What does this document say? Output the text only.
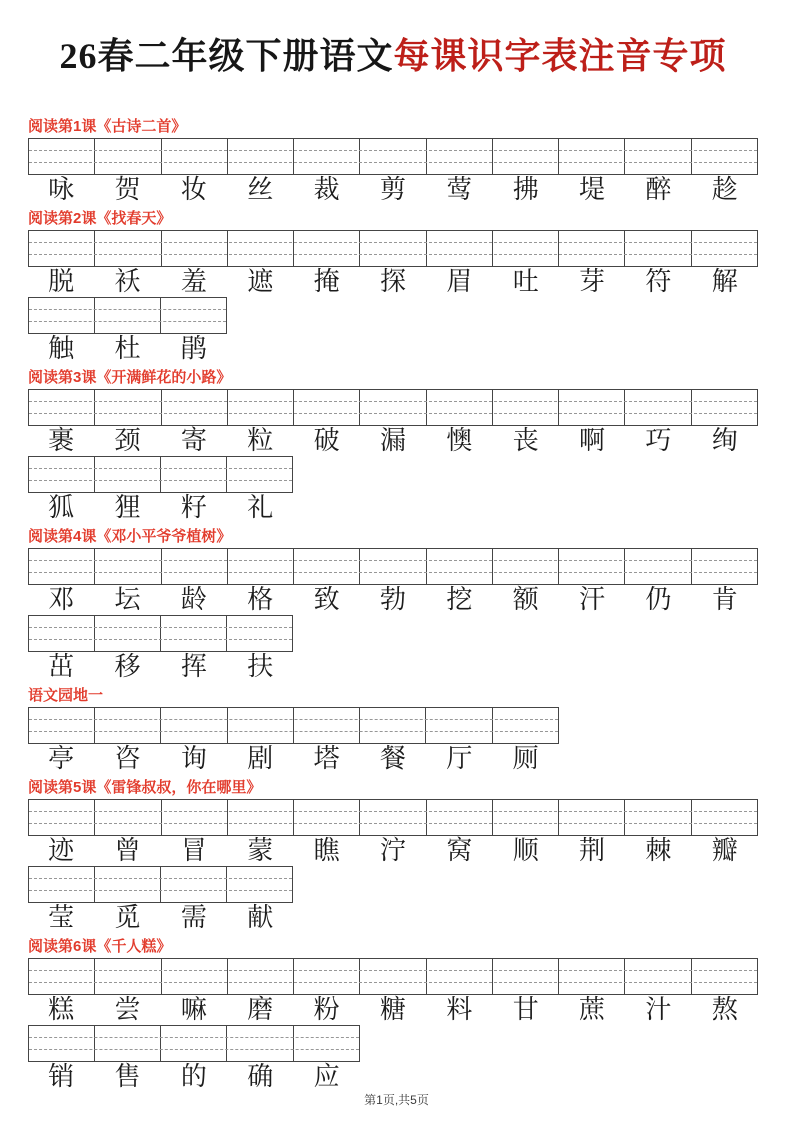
26春二年级下册语文每课识字表注音专项
阅读第1课《古诗二首》
咏	贺	妆	丝	裁	剪	莺	拂	堤	醉	趁
阅读第2课《找春天》
脱	袄	羞	遮	掩	探	眉	吐	芽	符	解
触	杜	鹃
阅读第3课《开满鲜花的小路》
裹	颈	寄	粒	破	漏	懊	丧	啊	巧	绚
狐	狸	籽	礼
阅读第4课《邓小平爷爷植树》
邓	坛	龄	格	致	勃	挖	额	汗	仍	肯
茁	移	挥	扶
语文园地一
亭	咨	询	剧	塔	餐	厅	厕
阅读第5课《雷锋叔叔，你在哪里》
迹	曾	冒	蒙	瞧	泞	窝	顺	荆	棘	瓣
莹	觅	需	献
阅读第6课《千人糕》
糕	尝	嘛	磨	粉	糖	料	甘	蔗	汁	熬
销	售	的	确	应
第1页,共5页
